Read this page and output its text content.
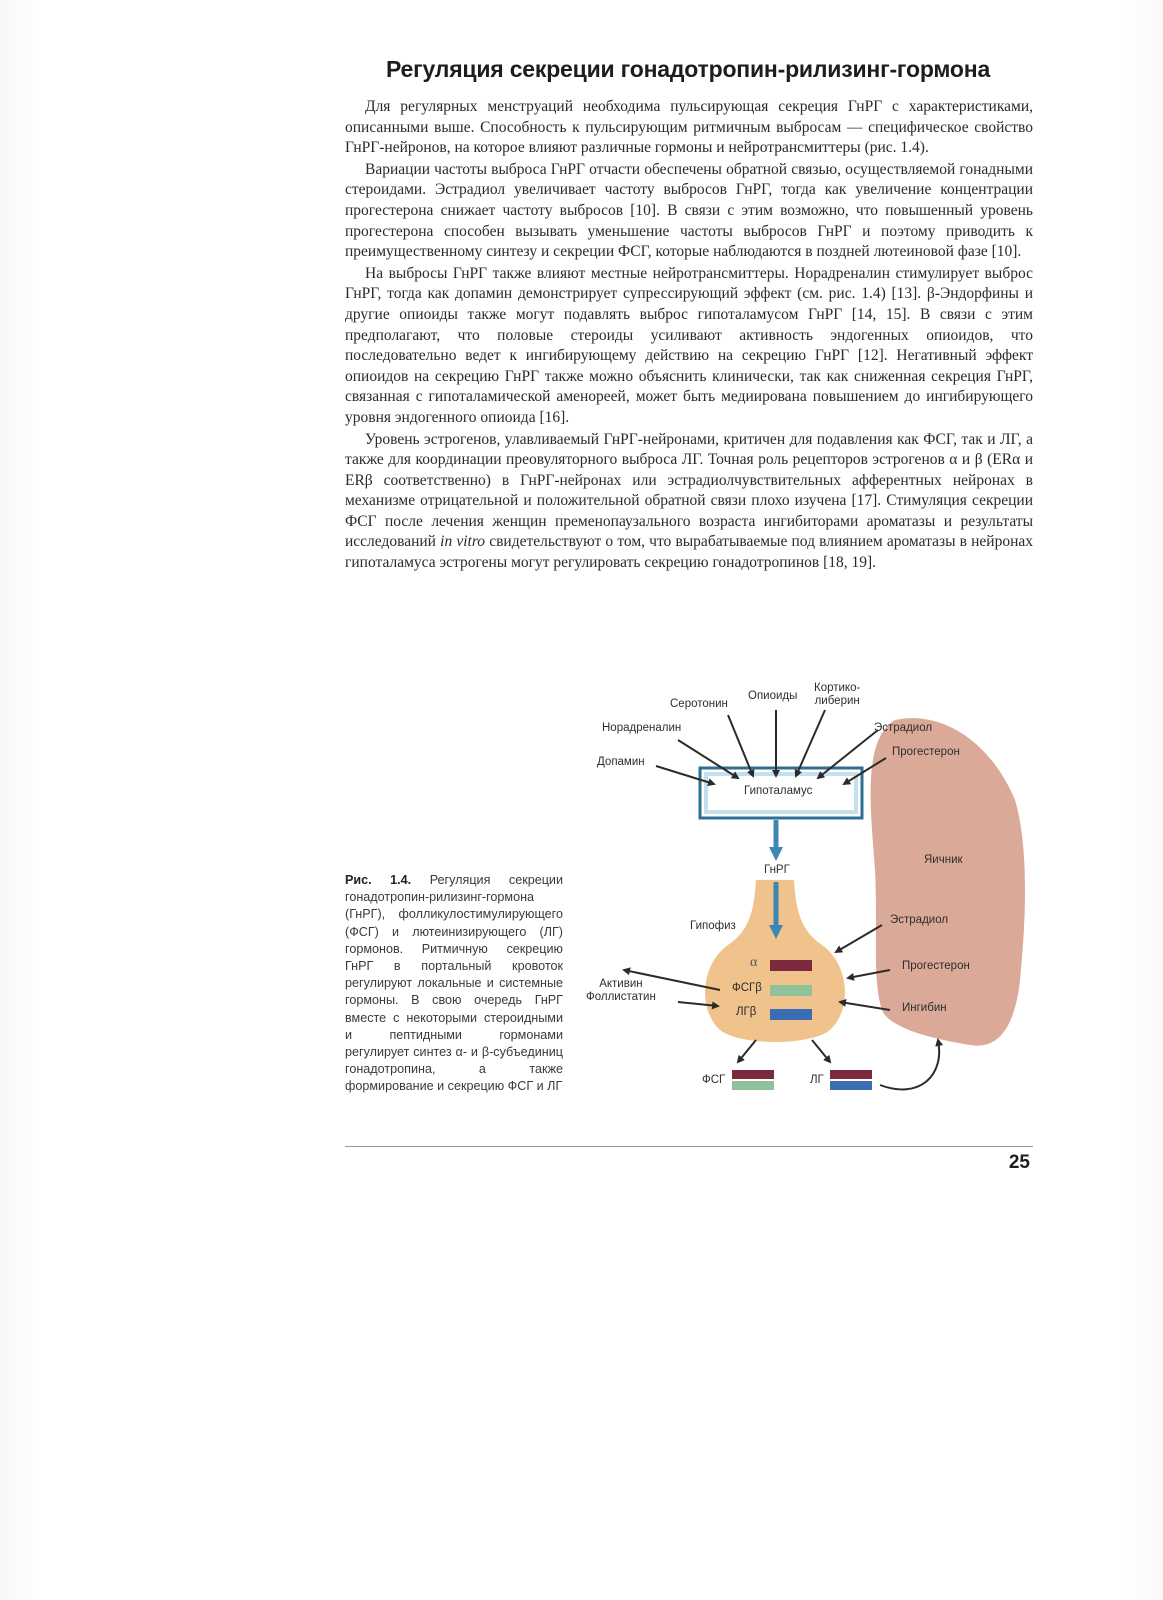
Регуляция секреции гонадотропин-рилизинг-гормона

Для регулярных менструаций необходима пульсирующая секреция ГнРГ с характеристиками, описанными выше. Способность к пульсирующим ритмичным выбросам — специфическое свойство ГнРГ-нейронов, на которое влияют различные гормоны и нейротрансмиттеры (рис. 1.4).

Вариации частоты выброса ГнРГ отчасти обеспечены обратной связью, осуществляемой гонадными стероидами. Эстрадиол увеличивает частоту выбросов ГнРГ, тогда как увеличение концентрации прогестерона снижает частоту выбросов [10]. В связи с этим возможно, что повышенный уровень прогестерона способен вызывать уменьшение частоты выбросов ГнРГ и поэтому приводить к преимущественному синтезу и секреции ФСГ, которые наблюдаются в поздней лютеиновой фазе [10].

На выбросы ГнРГ также влияют местные нейротрансмиттеры. Норадреналин стимулирует выброс ГнРГ, тогда как допамин демонстрирует супрессирующий эффект (см. рис. 1.4) [13]. β-Эндорфины и другие опиоиды также могут подавлять выброс гипоталамусом ГнРГ [14, 15]. В связи с этим предполагают, что половые стероиды усиливают активность эндогенных опиоидов, что последовательно ведет к ингибирующему действию на секрецию ГнРГ [12]. Негативный эффект опиоидов на секрецию ГнРГ также можно объяснить клинически, так как сниженная секреция ГнРГ, связанная с гипоталамической аменореей, может быть медиирована повышением до ингибирующего уровня эндогенного опиоида [16].

Уровень эстрогенов, улавливаемый ГнРГ-нейронами, критичен для подавления как ФСГ, так и ЛГ, а также для координации преовуляторного выброса ЛГ. Точная роль рецепторов эстрогенов α и β (ERα и ERβ соответственно) в ГнРГ-нейронах или эстрадиолчувствительных афферентных нейронах в механизме отрицательной и положительной обратной связи плохо изучена [17]. Стимуляция секреции ФСГ после лечения женщин пременопаузального возраста ингибиторами ароматазы и результаты исследований in vitro свидетельствуют о том, что вырабатываемые под влиянием ароматазы в нейронах гипоталамуса эстрогены могут регулировать секрецию гонадотропинов [18, 19].

Серотонин
Опиоиды
Кортико-
либерин
Норадреналин
Допамин
Гипоталамус
Эстрадиол
Прогестерон
ГнРГ
Яичник
Гипофиз	Эстрадиол
Прогестерон
Ингибин
Активин
Фоллистатин
α
ФСГβ
ЛГβ
ФСГ	ЛГ
Рис. 1.4. Регуляция секреции гонадотропин-рилизинг-гормона (ГнРГ), фолликулостимулирующего (ФСГ) и лютеинизирующего (ЛГ) гормонов. Ритмичную секрецию ГнРГ в портальный кровоток регулируют локальные и системные гормоны. В свою очередь ГнРГ вместе с некоторыми стероидными и пептидными гормонами регулирует синтез α- и β-субъединиц гонадотропина, а также формирование и секрецию ФСГ и ЛГ
25
